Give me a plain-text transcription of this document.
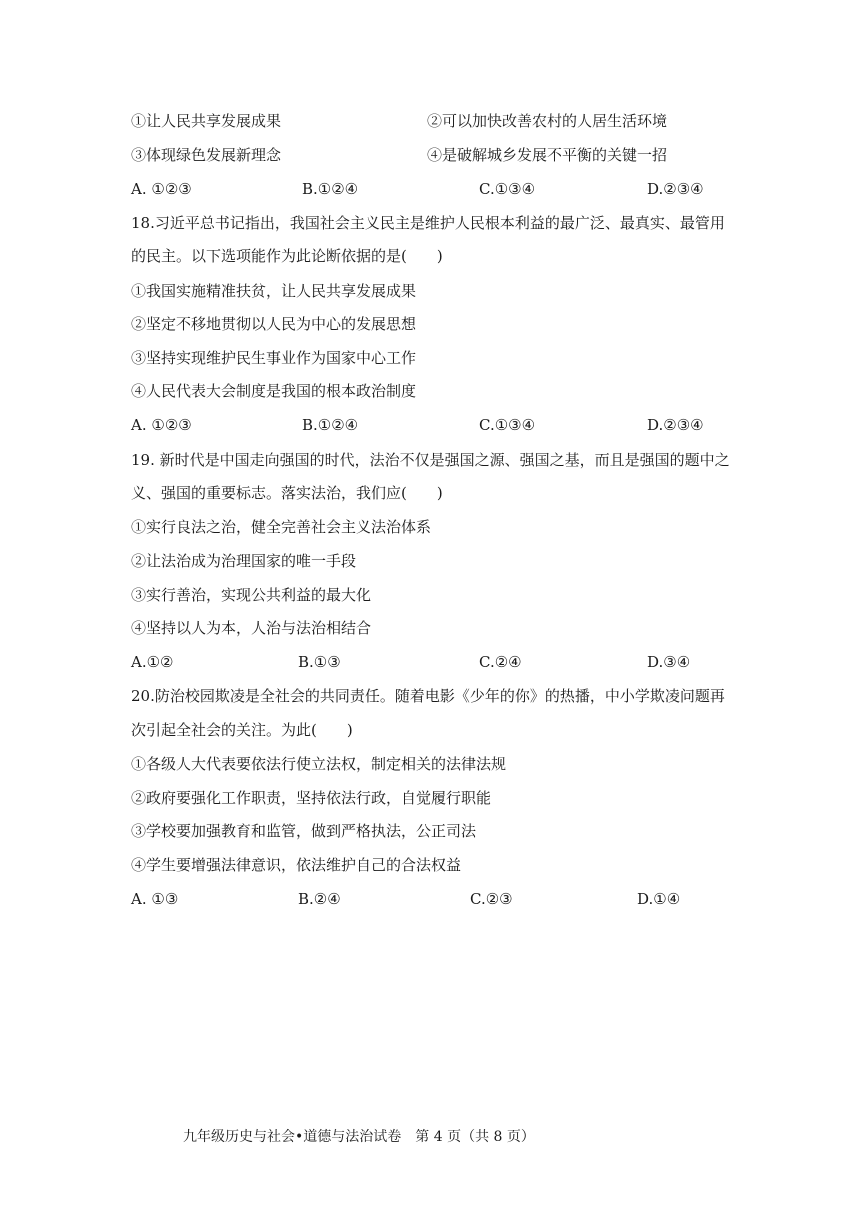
①让人民共享发展成果	②可以加快改善农村的人居生活环境
③体现绿色发展新理念	④是破解城乡发展不平衡的关键一招
A. ①②③	B.①②④	C.①③④	D.②③④
18.习近平总书记指出，我国社会主义民主是维护人民根本利益的最广泛、最真实、最管用
的民主。以下选项能作为此论断依据的是(　　)
①我国实施精准扶贫，让人民共享发展成果
②坚定不移地贯彻以人民为中心的发展思想
③坚持实现维护民生事业作为国家中心工作
④人民代表大会制度是我国的根本政治制度
A. ①②③	B.①②④	C.①③④	D.②③④
19. 新时代是中国走向强国的时代，法治不仅是强国之源、强国之基，而且是强国的题中之
义、强国的重要标志。落实法治，我们应(　　)
①实行良法之治，健全完善社会主义法治体系
②让法治成为治理国家的唯一手段
③实行善治，实现公共利益的最大化
④坚持以人为本，人治与法治相结合
A.①②	B.①③	C.②④	D.③④
20.防治校园欺凌是全社会的共同责任。随着电影《少年的你》的热播，中小学欺凌问题再
次引起全社会的关注。为此(　　)
①各级人大代表要依法行使立法权，制定相关的法律法规
②政府要强化工作职责，坚持依法行政，自觉履行职能
③学校要加强教育和监管，做到严格执法，公正司法
④学生要增强法律意识，依法维护自己的合法权益
A. ①③	B.②④	C.②③	D.①④
九年级历史与社会•道德与法治试卷　第 4 页（共 8 页）
